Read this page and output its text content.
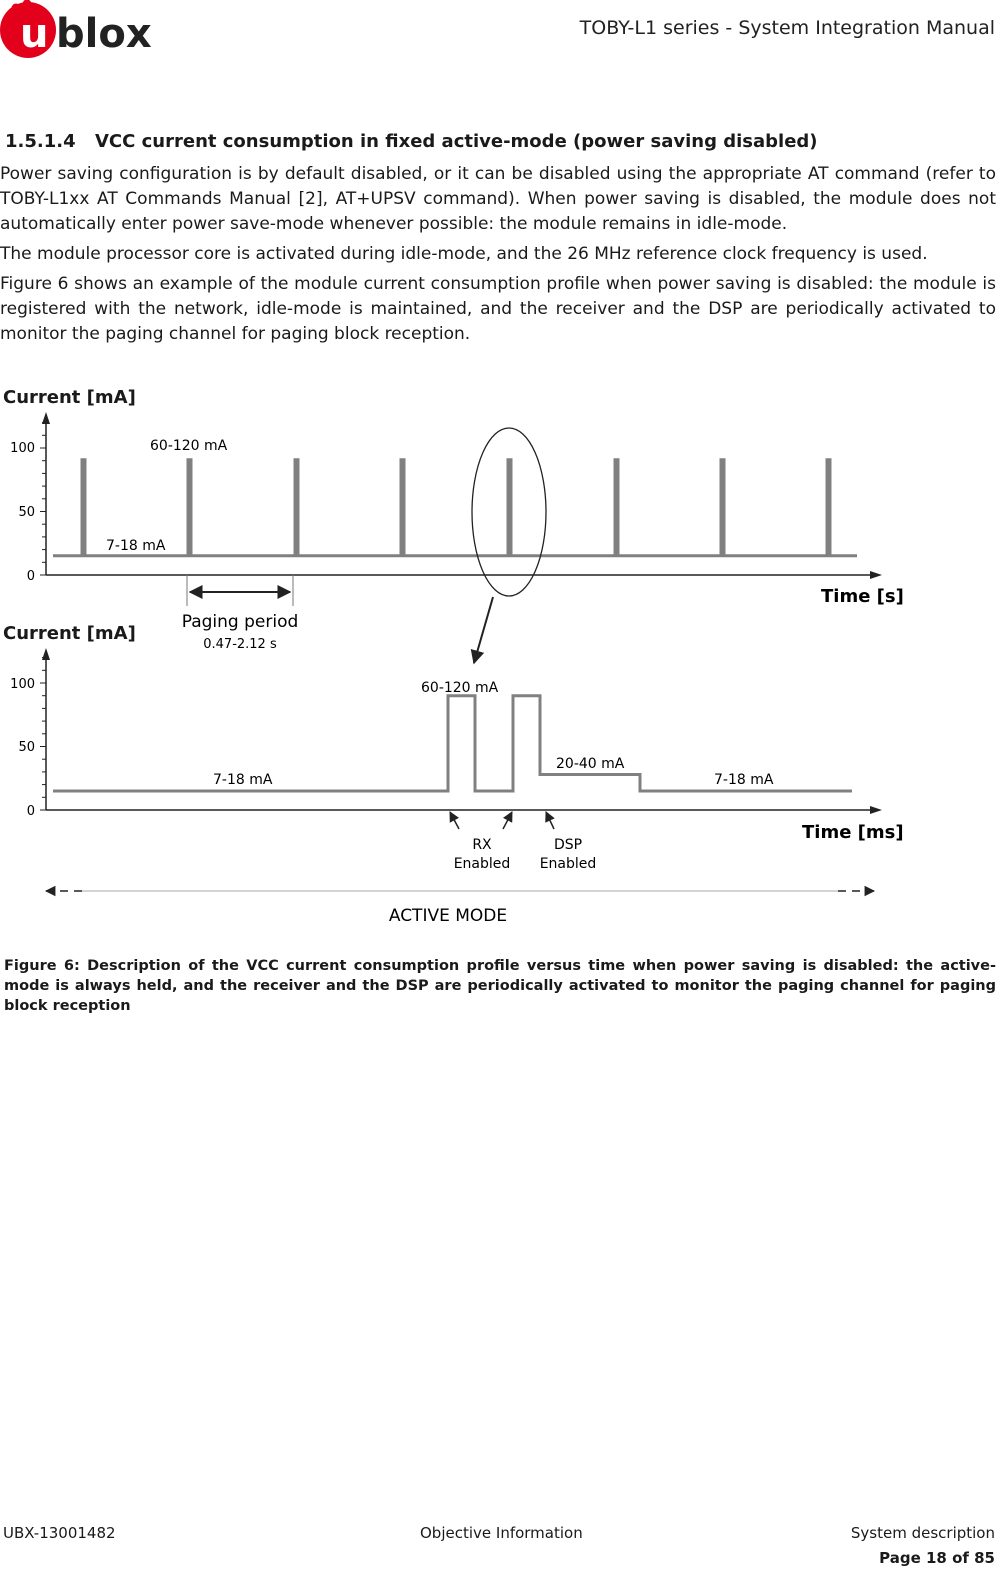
u blox	TOBY-L1 series - System Integration Manual
1.5.1.4 VCC current consumption in fixed active-mode (power saving disabled)
Power saving configuration is by default disabled, or it can be disabled using the appropriate AT command (refer to TOBY-L1xx AT Commands Manual [2], AT+UPSV command). When power saving is disabled, the module does not automatically enter power save-mode whenever possible: the module remains in idle-mode.
The module processor core is activated during idle-mode, and the 26 MHz reference clock frequency is used.
Figure 6 shows an example of the module current consumption profile when power saving is disabled: the module is registered with the network, idle-mode is maintained, and the receiver and the DSP are periodically activated to monitor the paging channel for paging block reception.
Current [mA]
0
50
100
7-18 mA
60-120 mA
Time [s]
Paging period
0.47-2.12 s
Current [mA]
0
50
100
7-18 mA	7-18 mA
60-120 mA
20-40 mA
Time [ms]
RX
Enabled
DSP
Enabled
ACTIVE MODE
Figure 6: Description of the VCC current consumption profile versus time when power saving is disabled: the active-mode is always held, and the receiver and the DSP are periodically activated to monitor the paging channel for paging block reception
UBX-13001482	Objective Information	System description
Page 18 of 85
